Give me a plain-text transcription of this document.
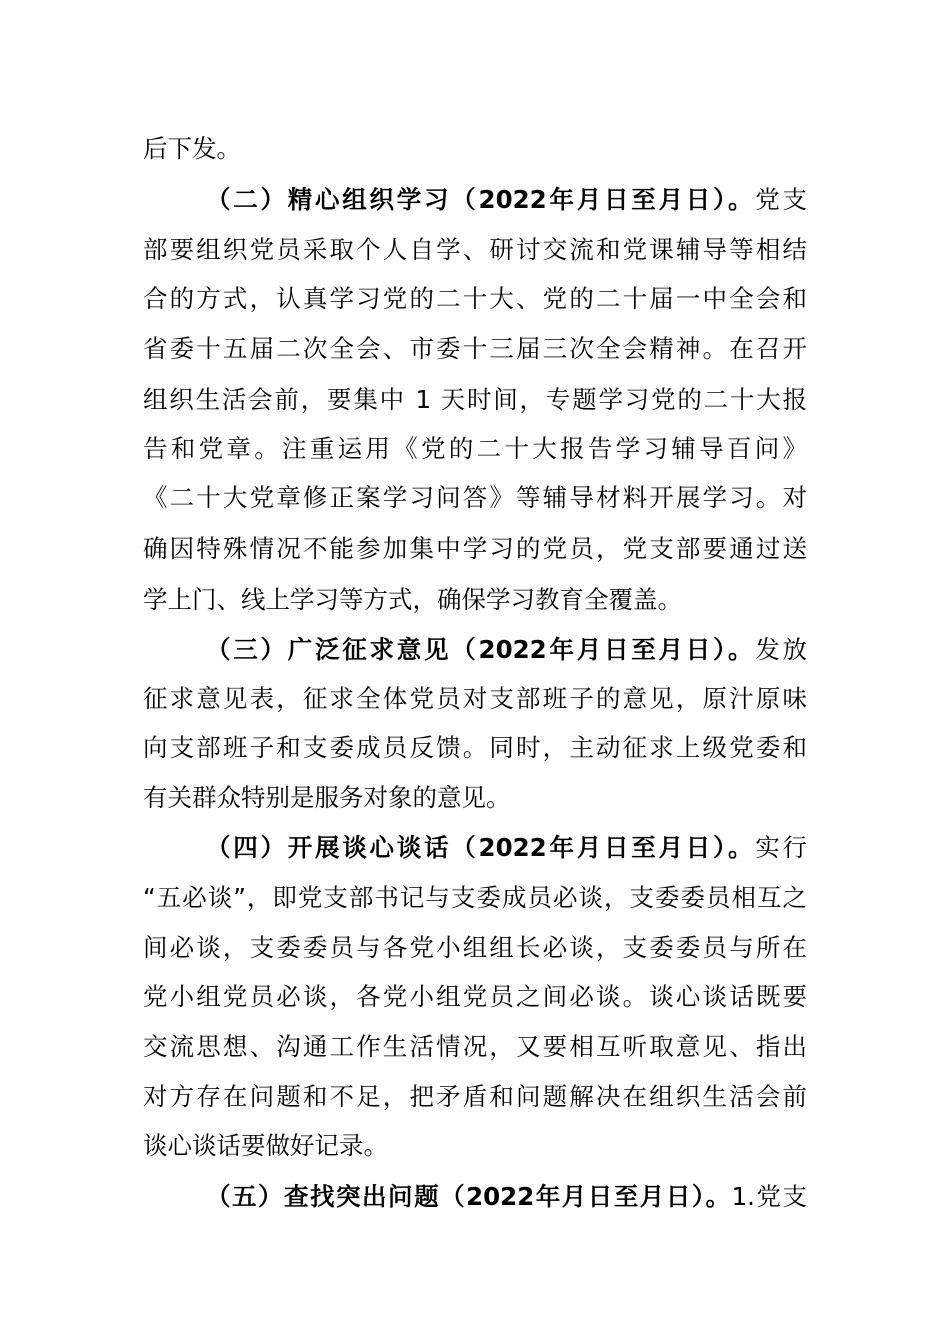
后下发。
（二）精心组织学习（2022年月日至月日）。党支
部要组织党员采取个人自学、研讨交流和党课辅导等相结
合的方式，认真学习党的二十大、党的二十届一中全会和
省委十五届二次全会、市委十三届三次全会精神。在召开
组织生活会前，要集中 1 天时间，专题学习党的二十大报
告和党章。注重运用《党的二十大报告学习辅导百问》
《二十大党章修正案学习问答》等辅导材料开展学习。对
确因特殊情况不能参加集中学习的党员，党支部要通过送
学上门、线上学习等方式，确保学习教育全覆盖。
（三）广泛征求意见（2022年月日至月日）。发放
征求意见表，征求全体党员对支部班子的意见，原汁原味
向支部班子和支委成员反馈。同时，主动征求上级党委和
有关群众特别是服务对象的意见。
（四）开展谈心谈话（2022年月日至月日）。实行
“五必谈”，即党支部书记与支委成员必谈，支委委员相互之
间必谈，支委委员与各党小组组长必谈，支委委员与所在
党小组党员必谈，各党小组党员之间必谈。谈心谈话既要
交流思想、沟通工作生活情况，又要相互听取意见、指出
对方存在问题和不足，把矛盾和问题解决在组织生活会前
谈心谈话要做好记录。
（五）查找突出问题（2022年月日至月日）。1.党支
